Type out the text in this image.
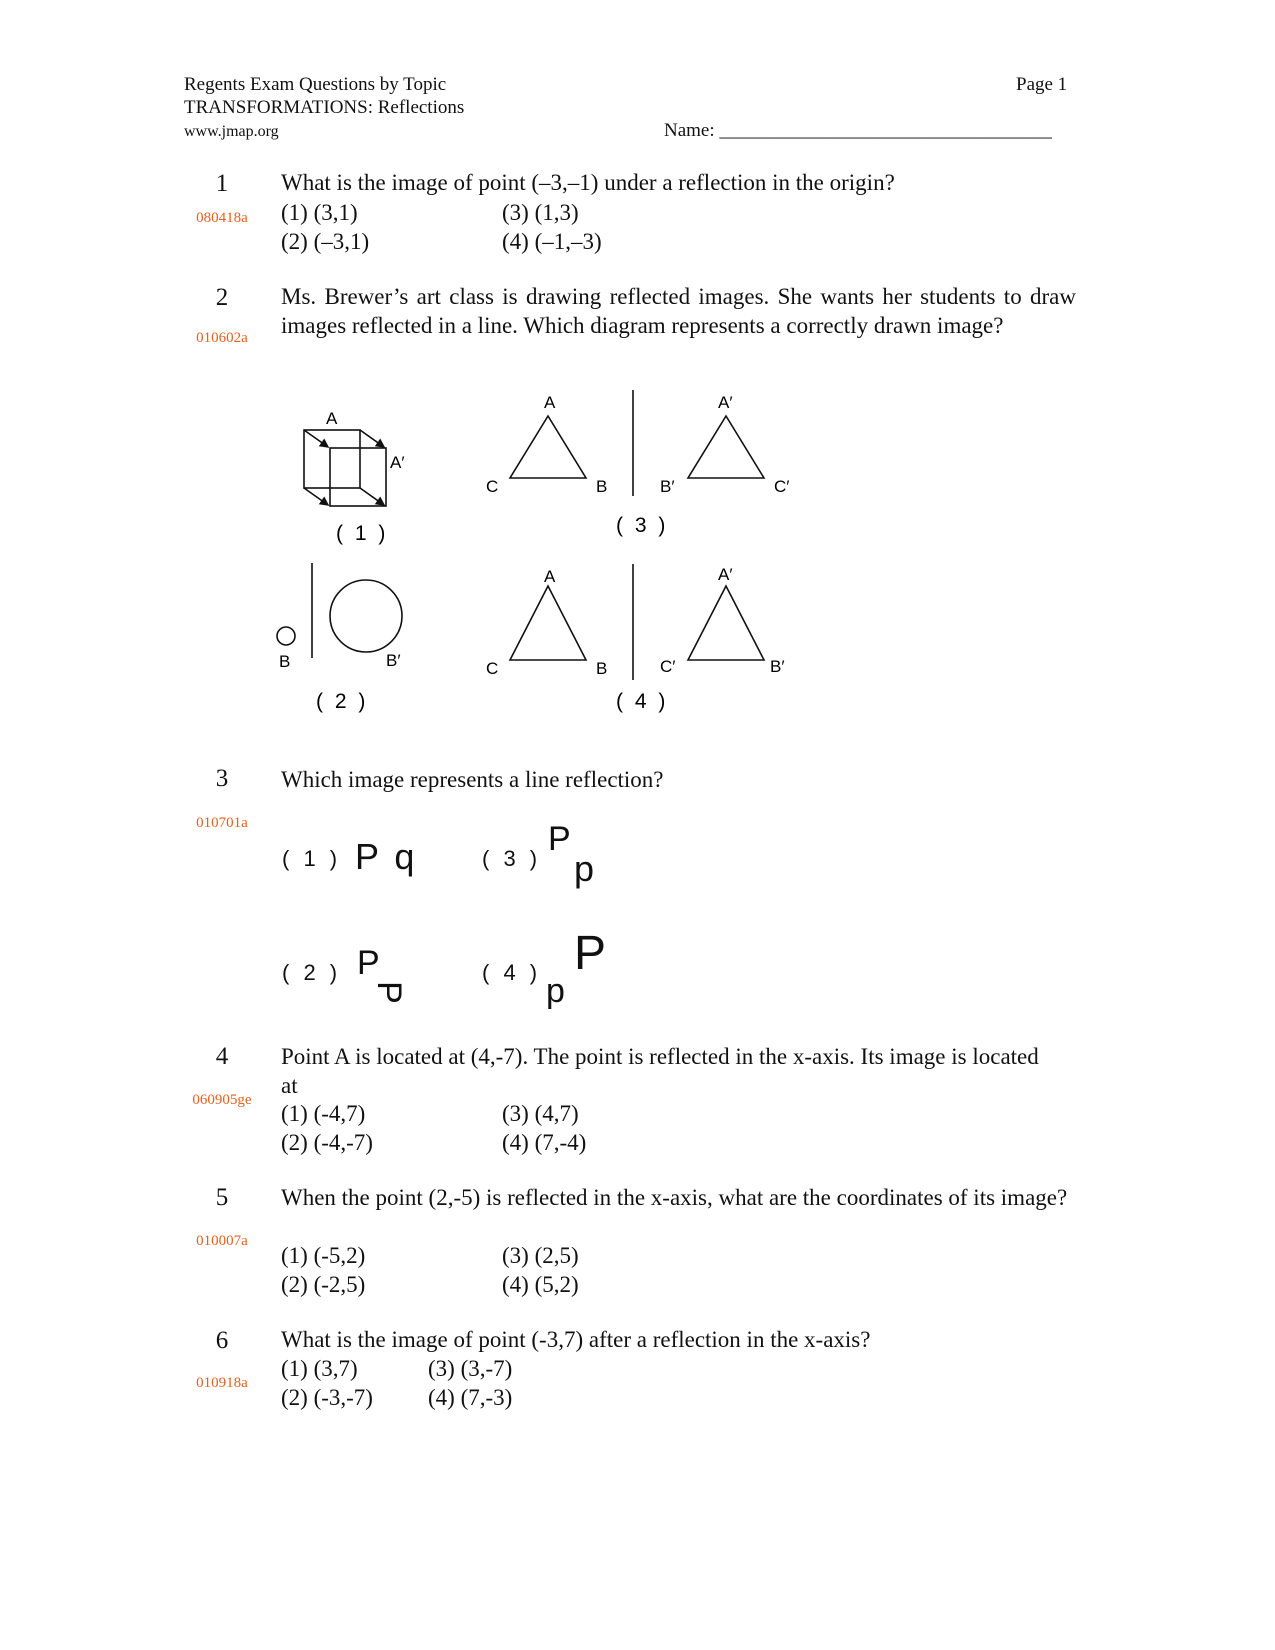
Regents Exam Questions by Topic
TRANSFORMATIONS: Reflections
www.jmap.org
Page 1
Name: ___________________________________
1
080418a
What is the image of point (–3,–1) under a reflection in the origin?
(1) (3,1)
(2) (–3,1)
(3) (1,3)
(4) (–1,–3)
2
010602a
Ms. Brewer’s art class is drawing reflected images. She wants her students to draw images reflected in a line. Which diagram represents a correctly drawn image?
A
A′
( 1 )
A
C	B
A′
B′	C′
( 3 )
B	B′
( 2 )
A
C	B
A′
C′	B′
( 4 )
3
010701a
Which image represents a line reflection?
( 1 ) P q	( 3 )
P
p
( 2 ) P
P
( 4 ) P
p
4
060905ge
Point A is located at (4,-7). The point is reflected in the x-axis. Its image is located at
(1) (-4,7)
(2) (-4,-7)
(3) (4,7)
(4) (7,-4)
5
010007a
When the point (2,-5) is reflected in the x-axis, what are the coordinates of its image?
(1) (-5,2)
(2) (-2,5)
(3) (2,5)
(4) (5,2)
6
010918a
What is the image of point (-3,7) after a reflection in the x-axis?
(1) (3,7)
(2) (-3,-7)
(3) (3,-7)
(4) (7,-3)
